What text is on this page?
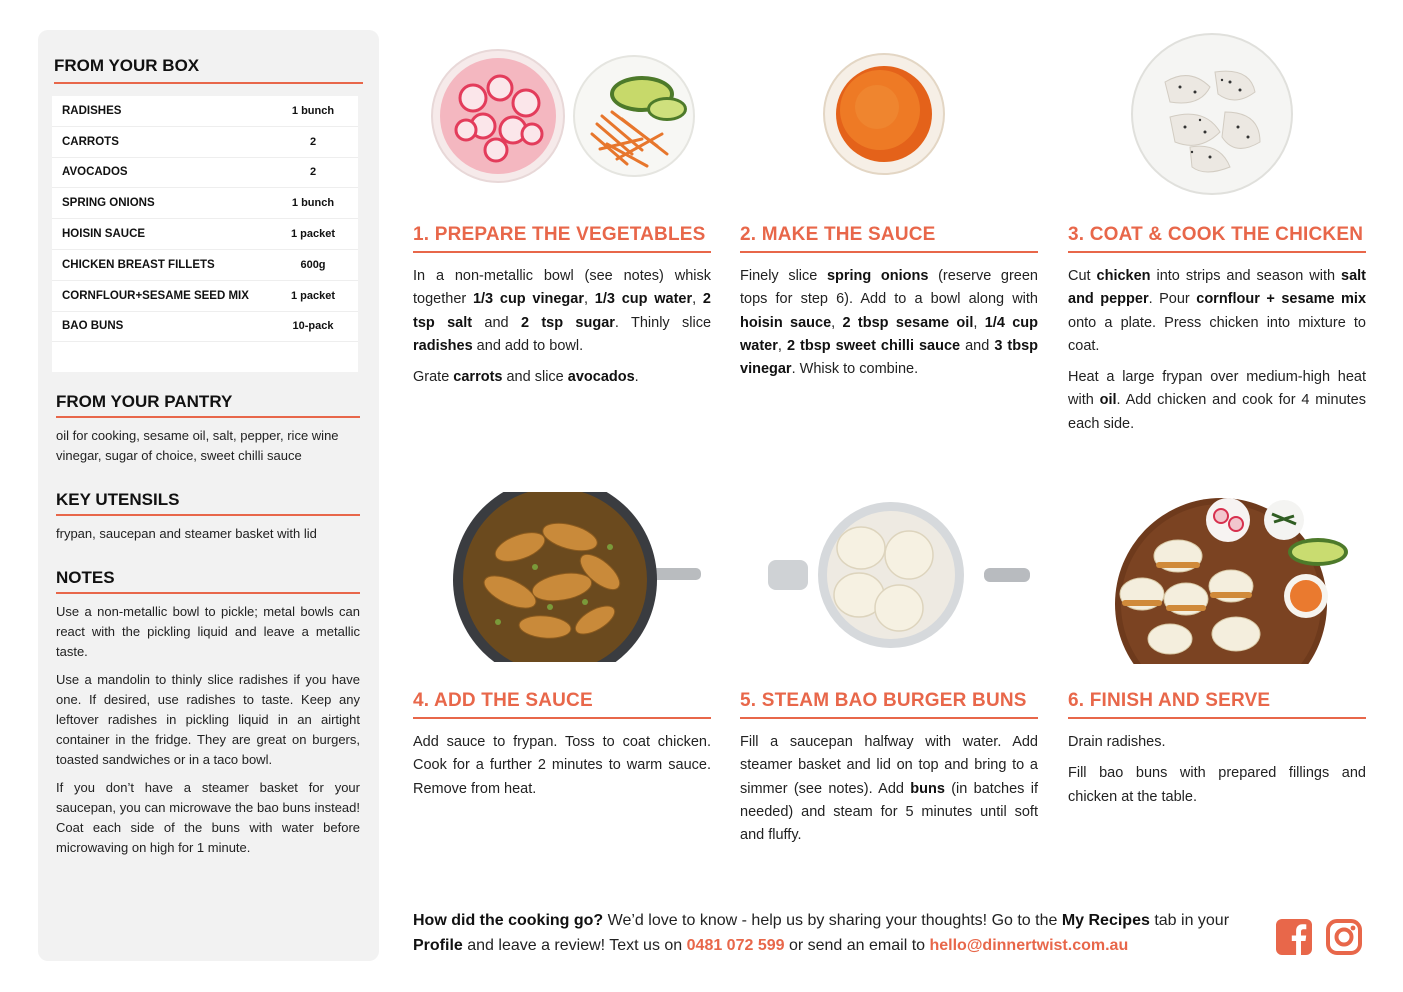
FROM YOUR BOX
RADISHES	1 bunch
CARROTS	2
AVOCADOS	2
SPRING ONIONS	1 bunch
HOISIN SAUCE	1 packet
CHICKEN BREAST FILLETS	600g
CORNFLOUR+SESAME SEED MIX	1 packet
BAO BUNS	10-pack
FROM YOUR PANTRY
oil for cooking, sesame oil, salt, pepper, rice wine vinegar, sugar of choice, sweet chilli sauce
KEY UTENSILS
frypan, saucepan and steamer basket with lid
NOTES

Use a non-metallic bowl to pickle; metal bowls can react with the pickling liquid and leave a metallic taste.

Use a mandolin to thinly slice radishes if you have one. If desired, use radishes to taste. Keep any leftover radishes in pickling liquid in an airtight container in the fridge. They are great on burgers, toasted sandwiches or in a taco bowl.

If you don’t have a steamer basket for your saucepan, you can microwave the bao buns instead! Coat each side of the buns with water before microwaving on high for 1 minute.

1. PREPARE THE VEGETABLES

In a non-metallic bowl (see notes) whisk together 1/3 cup vinegar, 1/3 cup water, 2 tsp salt and 2 tsp sugar. Thinly slice radishes and add to bowl.

Grate carrots and slice avocados.

2. MAKE THE SAUCE

Finely slice spring onions (reserve green tops for step 6). Add to a bowl along with hoisin sauce, 2 tbsp sesame oil, 1/4 cup water, 2 tbsp sweet chilli sauce and 3 tbsp vinegar. Whisk to combine.

3. COAT & COOK THE CHICKEN

Cut chicken into strips and season with salt and pepper. Pour cornflour + sesame mix onto a plate. Press chicken into mixture to coat.

Heat a large frypan over medium-high heat with oil. Add chicken and cook for 4 minutes each side.

4. ADD THE SAUCE

Add sauce to frypan. Toss to coat chicken. Cook for a further 2 minutes to warm sauce. Remove from heat.

5. STEAM BAO BURGER BUNS

Fill a saucepan halfway with water. Add steamer basket and lid on top and bring to a simmer (see notes). Add buns (in batches if needed) and steam for 5 minutes until soft and fluffy.

6. FINISH AND SERVE

Drain radishes.

Fill bao buns with prepared fillings and chicken at the table.

How did the cooking go? We’d love to know - help us by sharing your thoughts! Go to the My Recipes tab in your Profile and leave a review! Text us on 0481 072 599 or send an email to hello@dinnertwist.com.au
